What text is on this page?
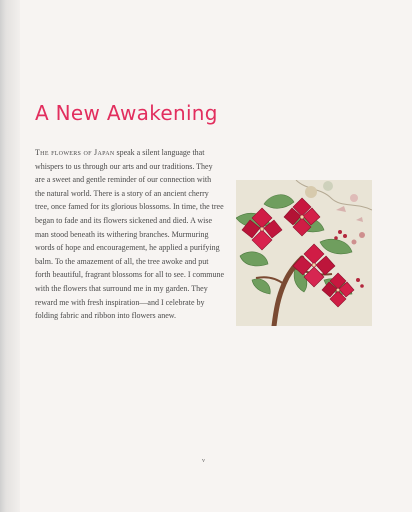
A New Awakening
The flowers of Japan speak a silent language that
whispers to us through our arts and our traditions. They
are a sweet and gentle reminder of our connection with
the natural world. There is a story of an ancient cherry
tree, once famed for its glorious blossoms. In time, the tree
began to fade and its flowers sickened and died. A wise
man stood beneath its withering branches. Murmuring
words of hope and encouragement, he applied a purifying
balm. To the amazement of all, the tree awoke and put
forth beautiful, fragrant blossoms for all to see. I commune
with the flowers that surround me in my garden. They
reward me with fresh inspiration—and I celebrate by
folding fabric and ribbon into flowers anew.
v
